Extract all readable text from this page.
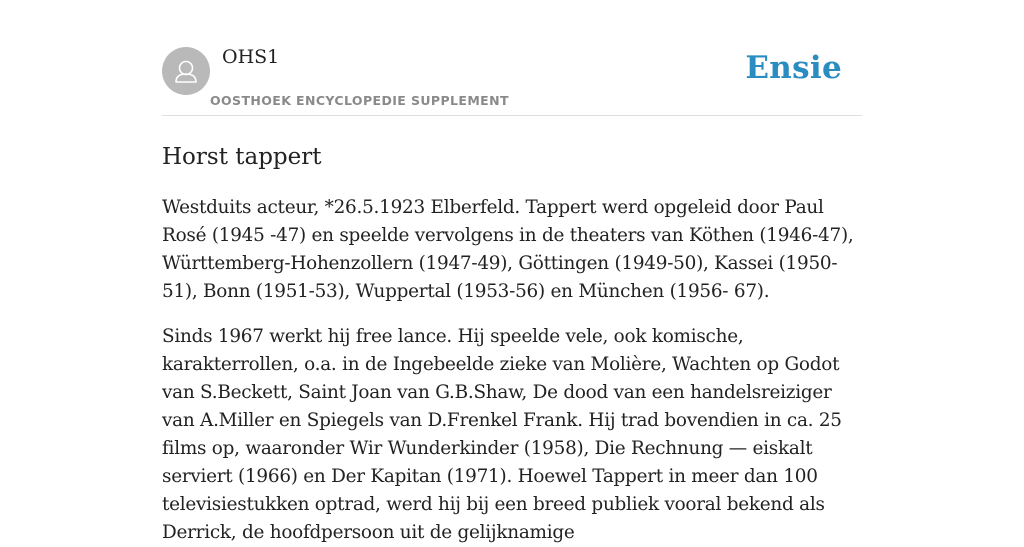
OHS1
OOSTHOEK ENCYCLOPEDIE SUPPLEMENT
Ensie
Horst tappert

Westduits acteur, *26.5.1923 Elberfeld. Tappert werd opgeleid door Paul Rosé (1945 -47) en speelde vervolgens in de theaters van Köthen (1946-47), Württemberg-Hohenzollern (1947-49), Göttingen (1949-50), Kassei (1950-51), Bonn (1951-53), Wuppertal (1953-56) en München (1956- 67).

Sinds 1967 werkt hij free lance. Hij speelde vele, ook komische, karakterrollen, o.a. in de Ingebeelde zieke van Molière, Wachten op Godot van S.Beckett, Saint Joan van G.B.Shaw, De dood van een handelsreiziger van A.Miller en Spiegels van D.Frenkel Frank. Hij trad bovendien in ca. 25 films op, waaronder Wir Wunderkinder (1958), Die Rechnung — eiskalt serviert (1966) en Der Kapitan (1971). Hoewel Tappert in meer dan 100 televisiestukken optrad, werd hij bij een breed publiek vooral bekend als Derrick, de hoofdpersoon uit de gelijknamige
